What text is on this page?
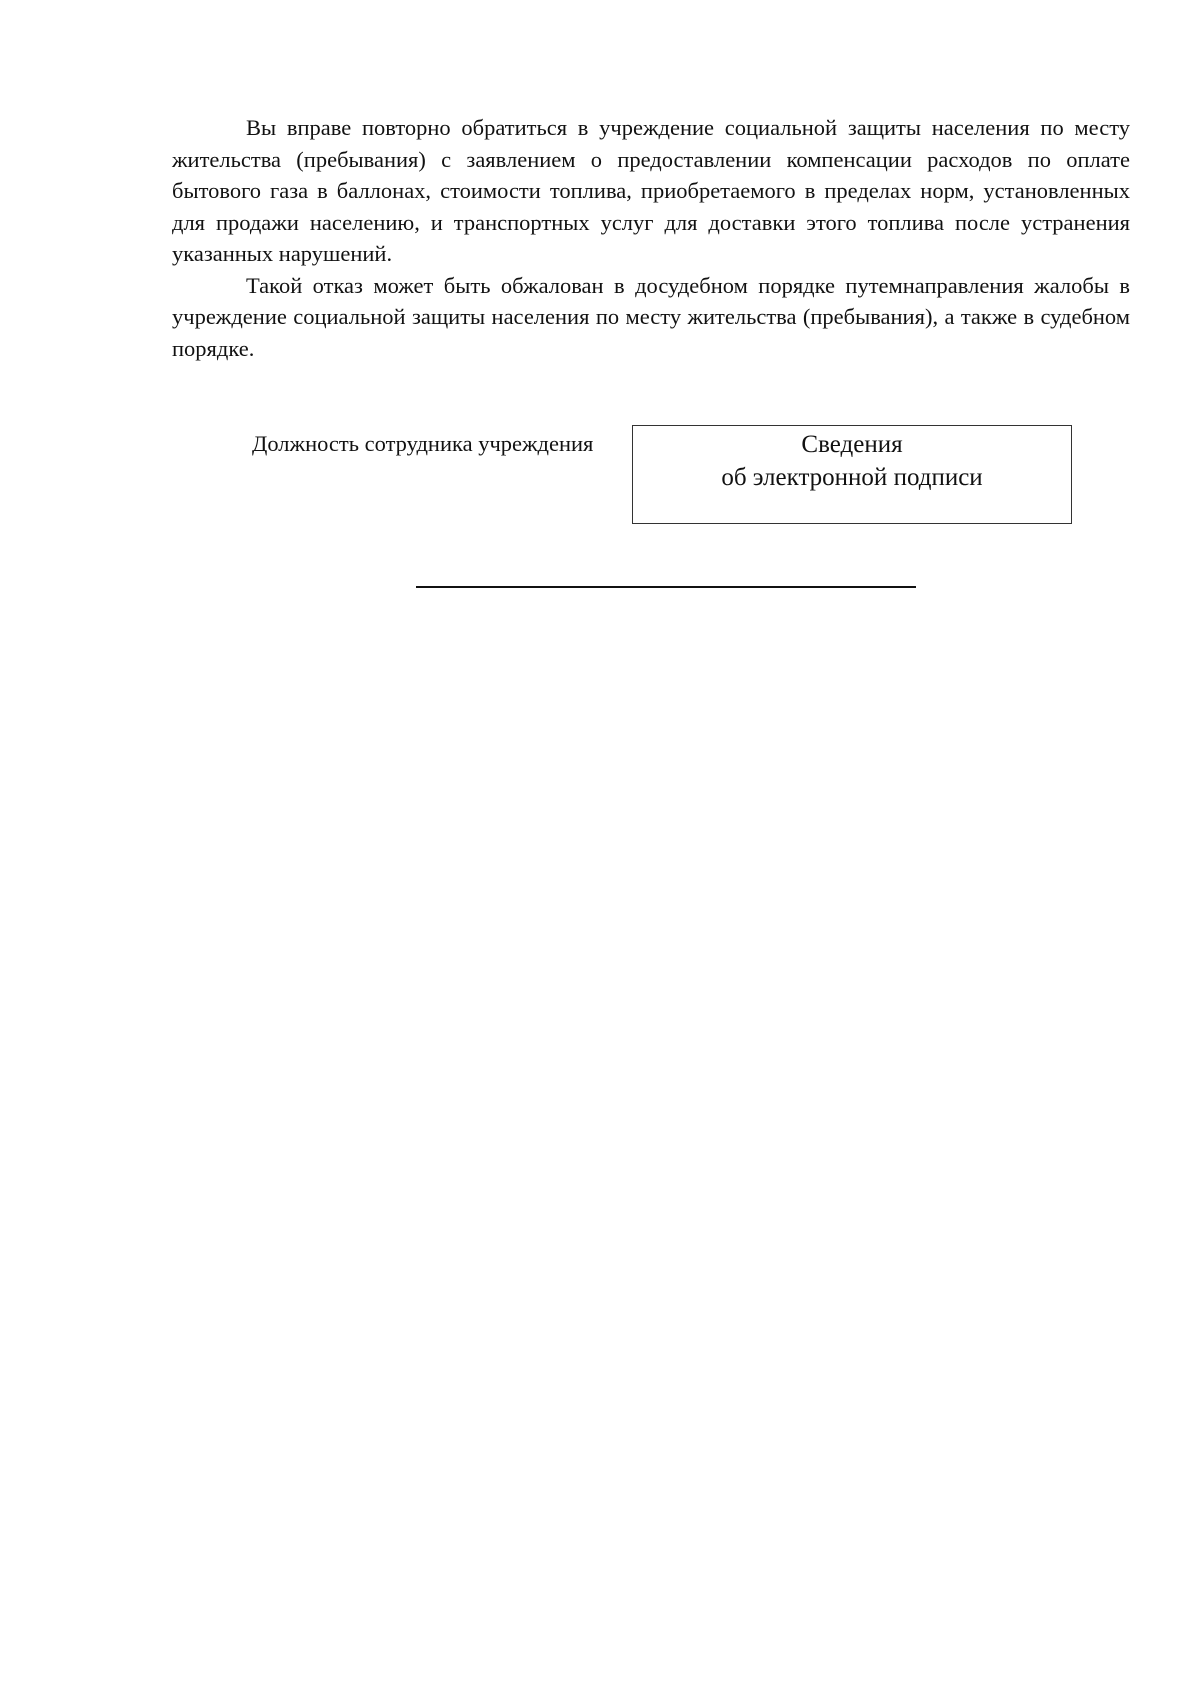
Вы вправе повторно обратиться в учреждение социальной защиты населения по месту жительства (пребывания) с заявлением о предоставлении компенсации расходов по оплате бытового газа в баллонах, стоимости топлива, приобретаемого в пределах норм, установленных для продажи населению, и транспортных услуг для доставки этого топлива после устранения указанных нарушений.

Такой отказ может быть обжалован в досудебном порядке путемнаправления жалобы в учреждение социальной защиты населения по месту жительства (пребывания), а также в судебном порядке.

Должность сотрудника учреждения	Сведения
об электронной подписи
